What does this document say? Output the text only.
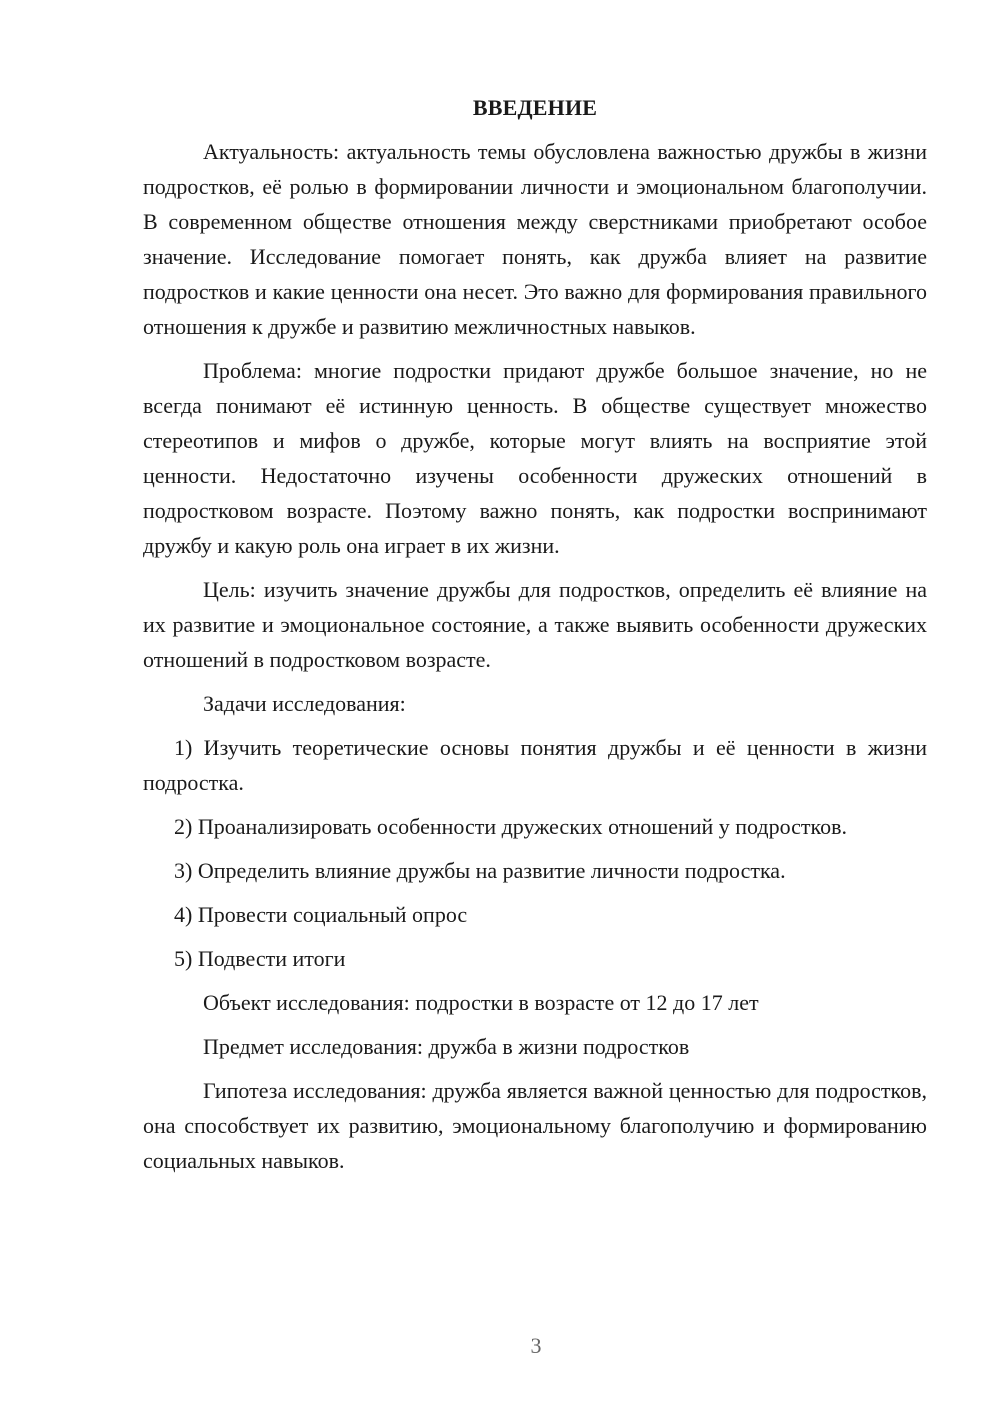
ВВЕДЕНИЕ

Актуальность: актуальность темы обусловлена важностью дружбы в жизни подростков, её ролью в формировании личности и эмоциональном благополучии. В современном обществе отношения между сверстниками приобретают особое значение. Исследование помогает понять, как дружба влияет на развитие подростков и какие ценности она несет. Это важно для формирования правильного отношения к дружбе и развитию межличностных навыков.

Проблема: многие подростки придают дружбе большое значение, но не всегда понимают её истинную ценность. В обществе существует множество стереотипов и мифов о дружбе, которые могут влиять на восприятие этой ценности. Недостаточно изучены особенности дружеских отношений в подростковом возрасте. Поэтому важно понять, как подростки воспринимают дружбу и какую роль она играет в их жизни.

Цель: изучить значение дружбы для подростков, определить её влияние на их развитие и эмоциональное состояние, а также выявить особенности дружеских отношений в подростковом возрасте.

Задачи исследования:

1) Изучить теоретические основы понятия дружбы и её ценности в жизни подростка.

2) Проанализировать особенности дружеских отношений у подростков.

3) Определить влияние дружбы на развитие личности подростка.

4) Провести социальный опрос

5) Подвести итоги

Объект исследования: подростки в возрасте от 12 до 17 лет

Предмет исследования: дружба в жизни подростков

Гипотеза исследования: дружба является важной ценностью для подростков, она способствует их развитию, эмоциональному благополучию и формированию социальных навыков.

3
